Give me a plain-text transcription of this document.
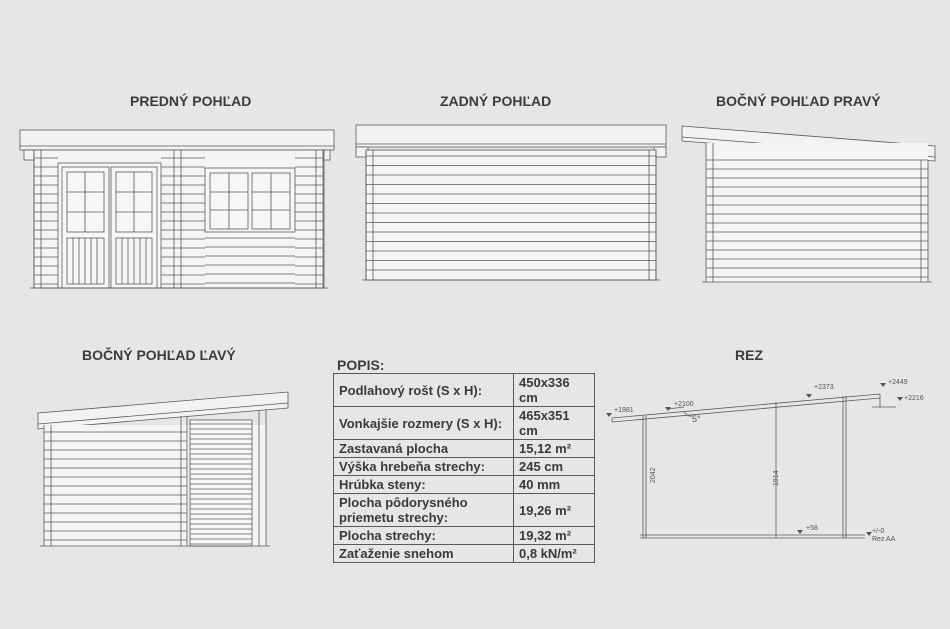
PREDNÝ POHĽAD	ZADNÝ POHĽAD	BOČNÝ POHĽAD PRAVÝ
BOČNÝ POHĽAD ĽAVÝ	REZ
+1981
+2100
5°
+2373
+2449
+2216
+58	+/-0
Rez AA
2042	1914
POPIS:
Podlahový rošt (S x H):	450x336 cm
Vonkajšie rozmery (S x H):	465x351 cm
Zastavaná plocha	15,12 m²
Výška hrebeňa strechy:	245 cm
Hrúbka steny:	40 mm
Plocha pôdorysného priemetu strechy:	19,26 m²
Plocha strechy:	19,32 m²
Zaťaženie snehom	0,8 kN/m²
